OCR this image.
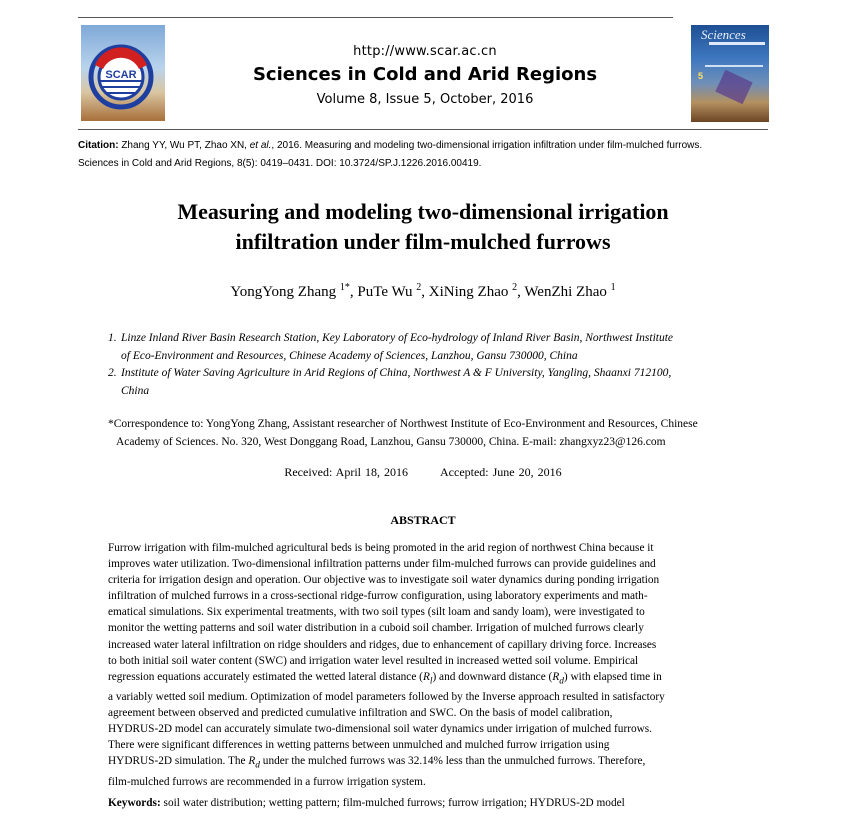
SCAR
http://www.scar.ac.cn
Sciences in Cold and Arid Regions
Volume 8, Issue 5, October, 2016
Sciences
5
Citation: Zhang YY, Wu PT, Zhao XN, et al., 2016. Measuring and modeling two-dimensional irrigation infiltration under film-mulched furrows.
Sciences in Cold and Arid Regions, 8(5): 0419–0431. DOI: 10.3724/SP.J.1226.2016.00419.
Measuring and modeling two-dimensional irrigation
infiltration under film-mulched furrows
YongYong Zhang $^{1*}$, PuTe Wu $^2$, XiNing Zhao $^2$, WenZhi Zhao $^1$
1. Linze Inland River Basin Research Station, Key Laboratory of Eco-hydrology of Inland River Basin, Northwest Institute
of Eco-Environment and Resources, Chinese Academy of Sciences, Lanzhou, Gansu 730000, China
2. Institute of Water Saving Agriculture in Arid Regions of China, Northwest A & F University, Yangling, Shaanxi 712100,
China
*Correspondence to: YongYong Zhang, Assistant researcher of Northwest Institute of Eco-Environment and Resources, Chinese
Academy of Sciences. No. 320, West Donggang Road, Lanzhou, Gansu 730000, China. E-mail: zhangxyz23@126.com
Received: April 18, 2016	Accepted: June 20, 2016
ABSTRACT
Furrow irrigation with film-mulched agricultural beds is being promoted in the arid region of northwest China because it
improves water utilization. Two-dimensional infiltration patterns under film-mulched furrows can provide guidelines and
criteria for irrigation design and operation. Our objective was to investigate soil water dynamics during ponding irrigation
infiltration of mulched furrows in a cross-sectional ridge-furrow configuration, using laboratory experiments and math-
ematical simulations. Six experimental treatments, with two soil types (silt loam and sandy loam), were investigated to
monitor the wetting patterns and soil water distribution in a cuboid soil chamber. Irrigation of mulched furrows clearly
increased water lateral infiltration on ridge shoulders and ridges, due to enhancement of capillary driving force. Increases
to both initial soil water content (SWC) and irrigation water level resulted in increased wetted soil volume. Empirical
regression equations accurately estimated the wetted lateral distance $(R_l)$ and downward distance $(R_d)$ with elapsed time in
a variably wetted soil medium. Optimization of model parameters followed by the Inverse approach resulted in satisfactory
agreement between observed and predicted cumulative infiltration and SWC. On the basis of model calibration,
HYDRUS-2D model can accurately simulate two-dimensional soil water dynamics under irrigation of mulched furrows.
There were significant differences in wetting patterns between unmulched and mulched furrow irrigation using
HYDRUS-2D simulation. The $R_d$ under the mulched furrows was 32.14% less than the unmulched furrows. Therefore,
film-mulched furrows are recommended in a furrow irrigation system.
Keywords: soil water distribution; wetting pattern; film-mulched furrows; furrow irrigation; HYDRUS-2D model
